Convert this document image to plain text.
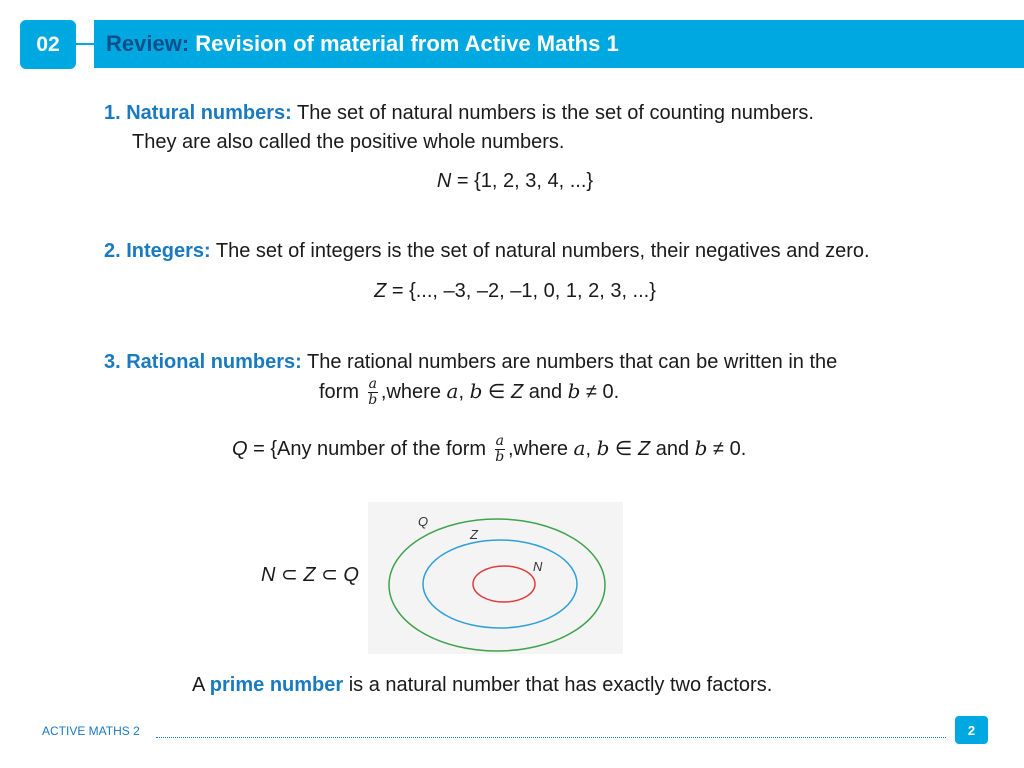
02	Review: Revision of material from Active Maths 1
1. Natural numbers: The set of natural numbers is the set of counting numbers.
They are also called the positive whole numbers.
N = {1, 2, 3, 4, ...}
2. Integers: The set of integers is the set of natural numbers, their negatives and zero.
Z = {..., –3, –2, –1, 0, 1, 2, 3, ...}
3. Rational numbers: The rational numbers are numbers that can be written in the
form $\frac{a}{b}$ ,where a, b ∈ Z and b ≠ 0.
Q = {Any number of the form $\frac{a}{b}$ ,where a, b ∈ Z and b ≠ 0.
N ⊂ Z ⊂ Q
Q
Z
N
A prime number is a natural number that has exactly two factors.
ACTIVE MATHS 2	2
